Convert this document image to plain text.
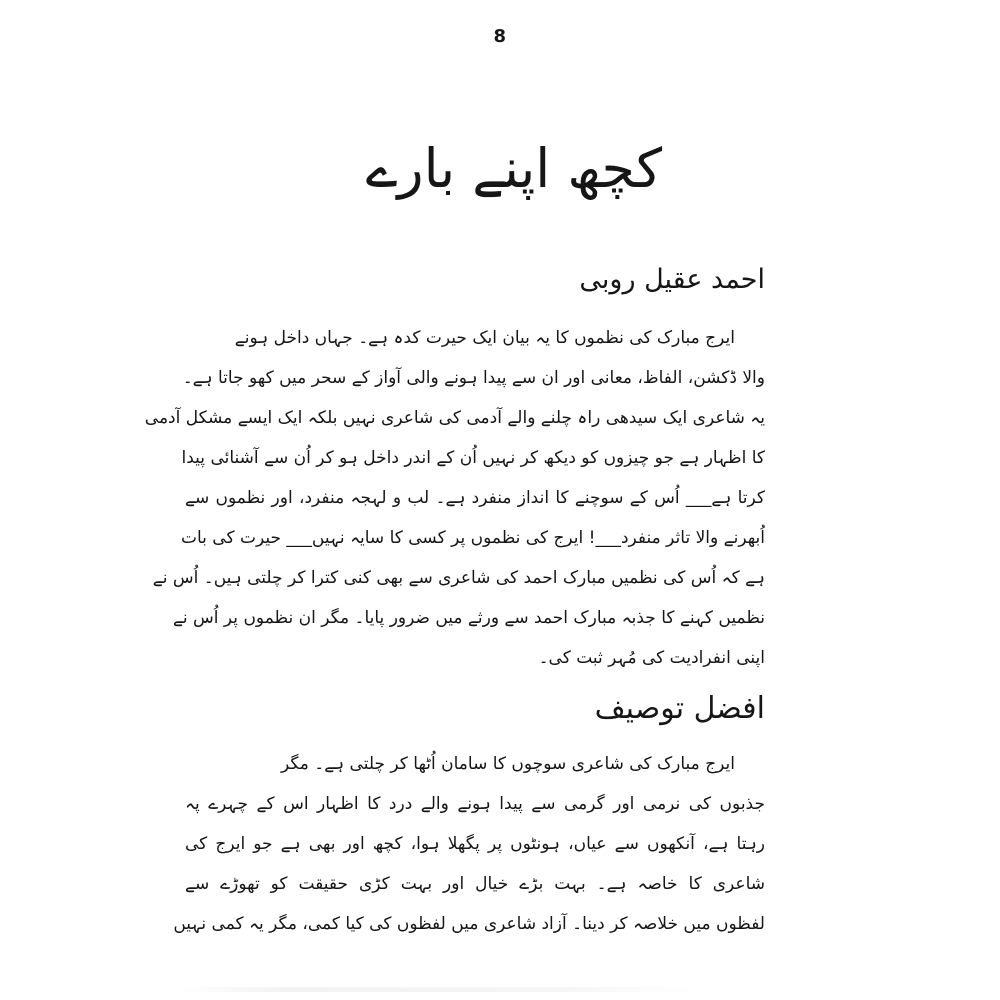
8
کچھ اپنے بارے
احمد عقیل روبی
ایرج مبارک کی نظموں کا یہ بیان ایک حیرت کدہ ہے۔ جہاں داخل ہونے
والا ڈکشن، الفاظ، معانی اور ان سے پیدا ہونے والی آواز کے سحر میں کھو جاتا ہے۔
یہ شاعری ایک سیدھی راہ چلنے والے آدمی کی شاعری نہیں بلکہ ایک ایسے مشکل آدمی
کا اظہار ہے جو چیزوں کو دیکھ کر نہیں اُن کے اندر داخل ہو کر اُن سے آشنائی پیدا
کرتا ہے___ اُس کے سوچنے کا انداز منفرد ہے۔ لب و لہجہ منفرد، اور نظموں سے
اُبھرنے والا تاثر منفرد___! ایرج کی نظموں پر کسی کا سایہ نہیں___ حیرت کی بات
ہے کہ اُس کی نظمیں مبارک احمد کی شاعری سے بھی کنی کترا کر چلتی ہیں۔ اُس نے
نظمیں کہنے کا جذبہ مبارک احمد سے ورثے میں ضرور پایا۔ مگر ان نظموں پر اُس نے
اپنی انفرادیت کی مُہر ثبت کی۔
افضل توصیف
ایرج مبارک کی شاعری سوچوں کا سامان اُٹھا کر چلتی ہے۔ مگر
جذبوں کی نرمی اور گرمی سے پیدا ہونے والے درد کا اظہار اس کے چہرے پہ
رہتا ہے، آنکھوں سے عیاں، ہونٹوں پر پگھلا ہوا، کچھ اور بھی ہے جو ایرج کی
شاعری کا خاصہ ہے۔ بہت بڑے خیال اور بہت کڑی حقیقت کو تھوڑے سے
لفظوں میں خلاصہ کر دینا۔ آزاد شاعری میں لفظوں کی کیا کمی، مگر یہ کمی نہیں
